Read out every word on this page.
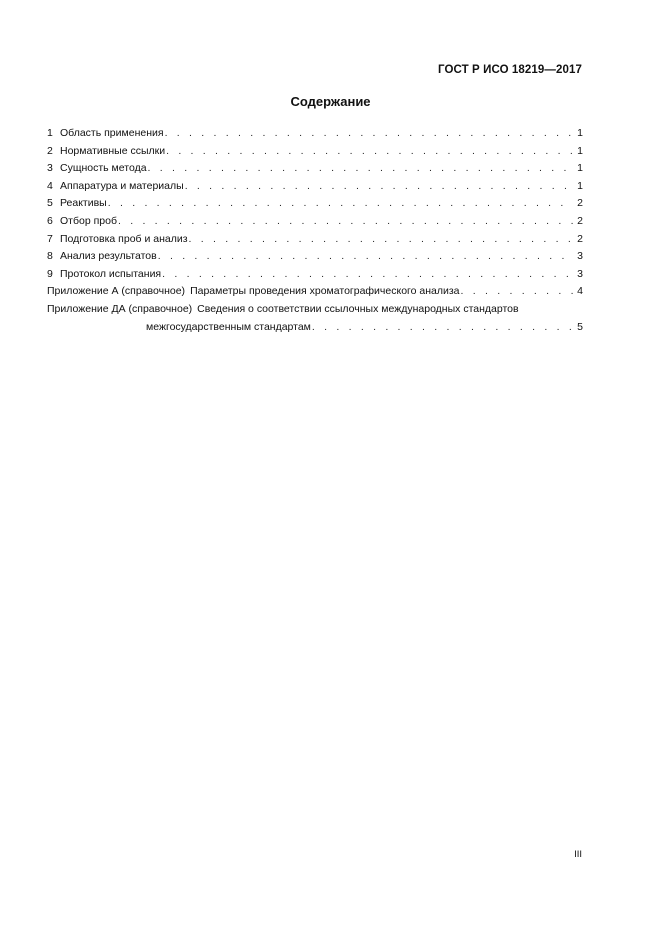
ГОСТ Р ИСО 18219—2017
Содержание
1 Область применения . . .	1
2 Нормативные ссылки . . .	1
3 Сущность метода . . .	1
4 Аппаратура и материалы . . .	1
5 Реактивы . . .	2
6 Отбор проб . . .	2
7 Подготовка проб и анализ . . .	2
8 Анализ результатов . . .	3
9 Протокол испытания . . .	3
Приложение А (справочное) Параметры проведения хроматографического анализа . . .	4
Приложение ДА (справочное) Сведения о соответствии ссылочных международных стандартов
межгосударственным стандартам . . .	5
III
